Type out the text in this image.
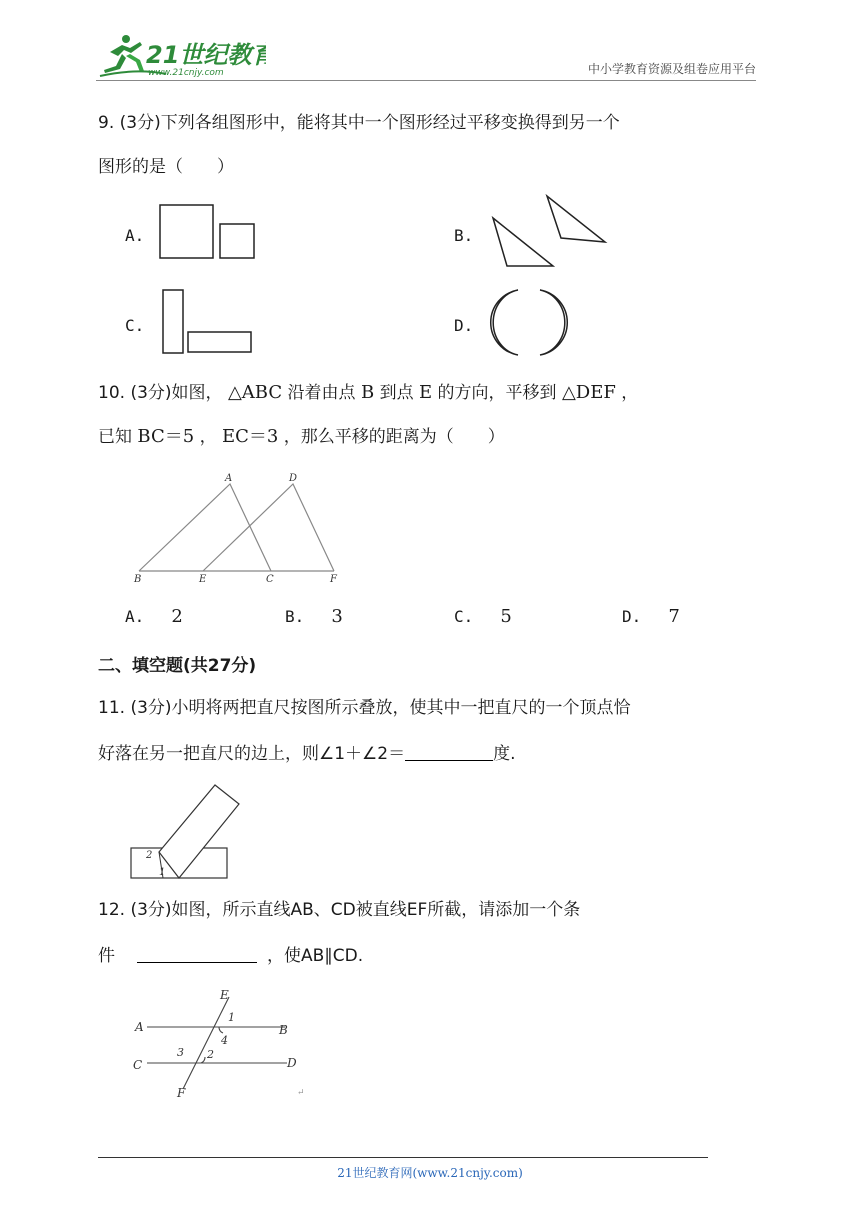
21世纪教育
www.21cnjy.com	中小学教育资源及组卷应用平台
9. (3分)下列各组图形中，能将其中一个图形经过平移变换得到另一个
图形的是（　　）
A.	B.
C.	D.
10. (3分)如图， △ABC 沿着由点 B 到点 E 的方向，平移到 △DEF ，
已知 BC＝5 ， EC＝3 ，那么平移的距离为（　　）
A	D
B	E	C	F
A. 2	B. 3	C. 5	D. 7
二、填空题(共27分)
11. (3分)小明将两把直尺按图所示叠放，使其中一把直尺的一个顶点恰
好落在另一把直尺的边上，则∠1＋∠2＝	度.
2
1
12. (3分)如图，所示直线AB、CD被直线EF所截，请添加一个条
件	，使AB∥CD.
E
1
A	B
4
3 2
C	D
F	↵
21世纪教育网(www.21cnjy.com)
